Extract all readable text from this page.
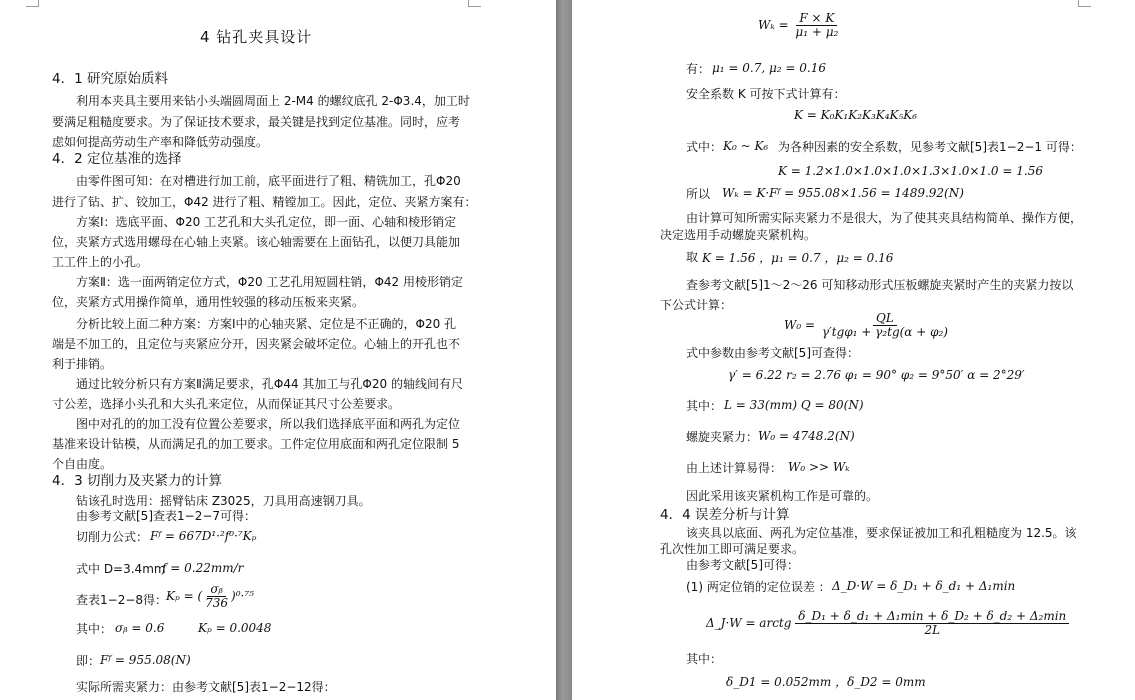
4 钻孔夹具设计
4．1 研究原始质料
利用本夹具主要用来钻小头端圆周面上 2-M4 的螺纹底孔 2-Φ3.4，加工时
要满足粗糙度要求。为了保证技术要求，最关键是找到定位基准。同时，应考
虑如何提高劳动生产率和降低劳动强度。
4．2 定位基准的选择
由零件图可知：在对槽进行加工前，底平面进行了粗、精铣加工，孔Φ20
进行了钻、扩、铰加工，Φ42 进行了粗、精镗加工。因此，定位、夹紧方案有：
方案Ⅰ：选底平面、Φ20 工艺孔和大头孔定位，即一面、心轴和棱形销定
位，夹紧方式选用螺母在心轴上夹紧。该心轴需要在上面钻孔，以便刀具能加
工工件上的小孔。
方案Ⅱ：选一面两销定位方式，Φ20 工艺孔用短圆柱销，Φ42 用棱形销定
位，夹紧方式用操作简单，通用性较强的移动压板来夹紧。
分析比较上面二种方案：方案Ⅰ中的心轴夹紧、定位是不正确的，Φ20 孔
端是不加工的，且定位与夹紧应分开，因夹紧会破坏定位。心轴上的开孔也不
利于排销。
通过比较分析只有方案Ⅱ满足要求，孔Φ44 其加工与孔Φ20 的轴线间有尺
寸公差，选择小头孔和大头孔来定位，从而保证其尺寸公差要求。
图中对孔的的加工没有位置公差要求，所以我们选择底平面和两孔为定位
基准来设计钻模，从而满足孔的加工要求。工件定位用底面和两孔定位限制 5
个自由度。
4．3 切削力及夹紧力的计算
钻该孔时选用：摇臂钻床 Z3025，刀具用高速钢刀具。
由参考文献[5]查表1−2−7可得：
切削力公式： Fᶠ = 667D¹·²f⁰·⁷Kₚ
式中 D=3.4mm
f = 0.22mm/r
查表1−2−8得：
Kₚ = ( $\frac{\text{σᵦ}}{736} )^0\cdot^{75}$
其中： σᵦ = 0.6	Kₚ = 0.0048
即： Fᶠ = 955.08(N)
实际所需夹紧力：由参考文献[5]表1−2−12得：
$W_k = \frac{F \times K}{\text{μ₁ + μ₂}}$
有： μ₁ = 0.7, μ₂ = 0.16
安全系数 K 可按下式计算有：
K = K₀K₁K₂K₃K₄K₅K₆
式中： K₀ ~ K₆ 为各种因素的安全系数，见参考文献[5]表1−2−1 可得：
K = 1.2×1.0×1.0×1.0×1.3×1.0×1.0 = 1.56
所以 Wₖ = K·Fᶠ = 955.08×1.56 = 1489.92(N)
由计算可知所需实际夹紧力不是很大，为了使其夹具结构简单、操作方便，
决定选用手动螺旋夹紧机构。
取 K = 1.56 ，μ₁ = 0.7 ，μ₂ = 0.16
查参考文献[5]1～2～26 可知移动形式压板螺旋夹紧时产生的夹紧力按以
下公式计算：
$W_0 = \frac{QL}{\text{γ′tgφ₁ + γ₂tg(α + φ₂)}}$
式中参数由参考文献[5]可查得：
γ′ = 6.22 r₂ = 2.76 φ₁ = 90° φ₂ = 9°50′ α = 2°29′
其中： L = 33(mm) Q = 80(N)
螺旋夹紧力： W₀ = 4748.2(N)
由上述计算易得： W₀ >> Wₖ
因此采用该夹紧机构工作是可靠的。
4．4 误差分析与计算
该夹具以底面、两孔为定位基准，要求保证被加工和孔粗糙度为 12.5。该
孔次性加工即可满足要求。
由参考文献[5]可得：
(1) 两定位销的定位误差 ： Δ_D·W = δ_D₁ + δ_d₁ + Δ₁min
Δ_J·W = arctg $\frac{\text{δ\_D₁ + δ\_d₁ + Δ₁min + δ\_D₂ + δ\_d₂ + Δ₂min}}{2L}$
其中：
δ_D1 = 0.052mm ，δ_D2 = 0mm
